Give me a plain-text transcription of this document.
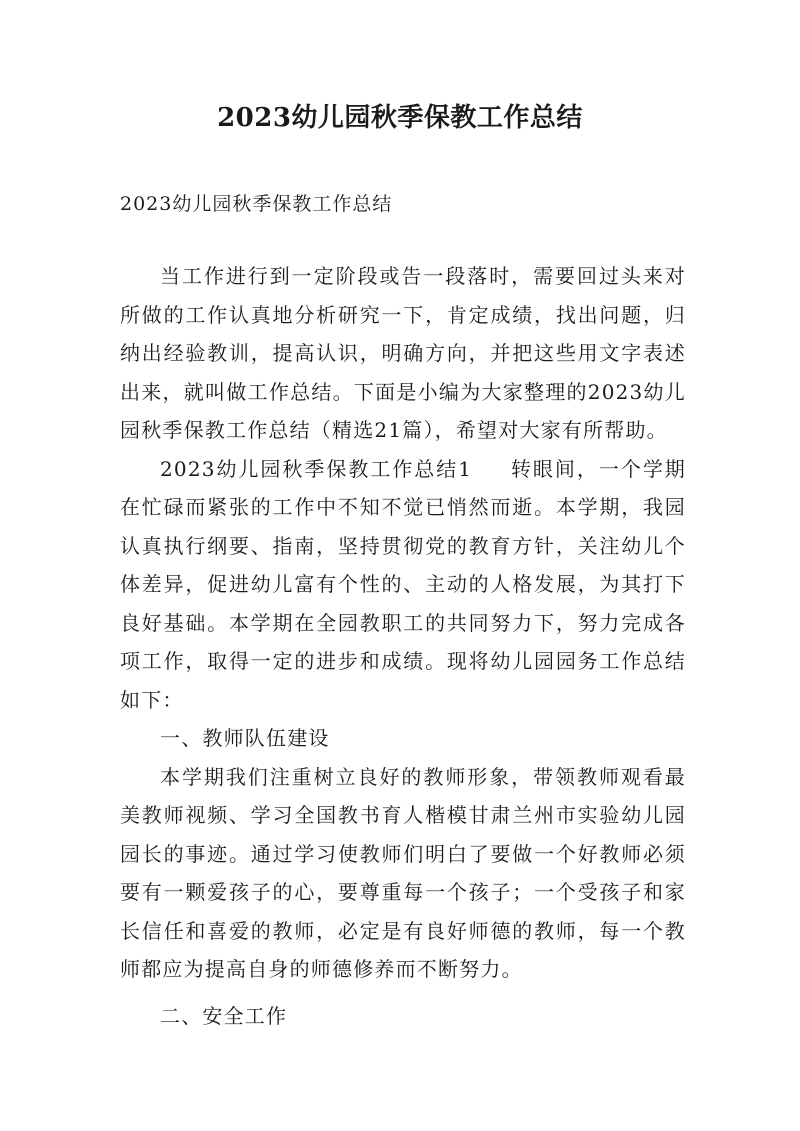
2023幼儿园秋季保教工作总结

2023幼儿园秋季保教工作总结

当工作进行到一定阶段或告一段落时，需要回过头来对所做的工作认真地分析研究一下，肯定成绩，找出问题，归纳出经验教训，提高认识，明确方向，并把这些用文字表述出来，就叫做工作总结。下面是小编为大家整理的2023幼儿园秋季保教工作总结（精选21篇），希望对大家有所帮助。

2023幼儿园秋季保教工作总结1 转眼间，一个学期在忙碌而紧张的工作中不知不觉已悄然而逝。本学期，我园认真执行纲要、指南，坚持贯彻党的教育方针，关注幼儿个体差异，促进幼儿富有个性的、主动的人格发展，为其打下良好基础。本学期在全园教职工的共同努力下，努力完成各项工作，取得一定的进步和成绩。现将幼儿园园务工作总结如下：

一、教师队伍建设

本学期我们注重树立良好的教师形象，带领教师观看最美教师视频、学习全国教书育人楷模甘肃兰州市实验幼儿园园长的事迹。通过学习使教师们明白了要做一个好教师必须要有一颗爱孩子的心，要尊重每一个孩子；一个受孩子和家长信任和喜爱的教师，必定是有良好师德的教师，每一个教师都应为提高自身的师德修养而不断努力。

二、安全工作
